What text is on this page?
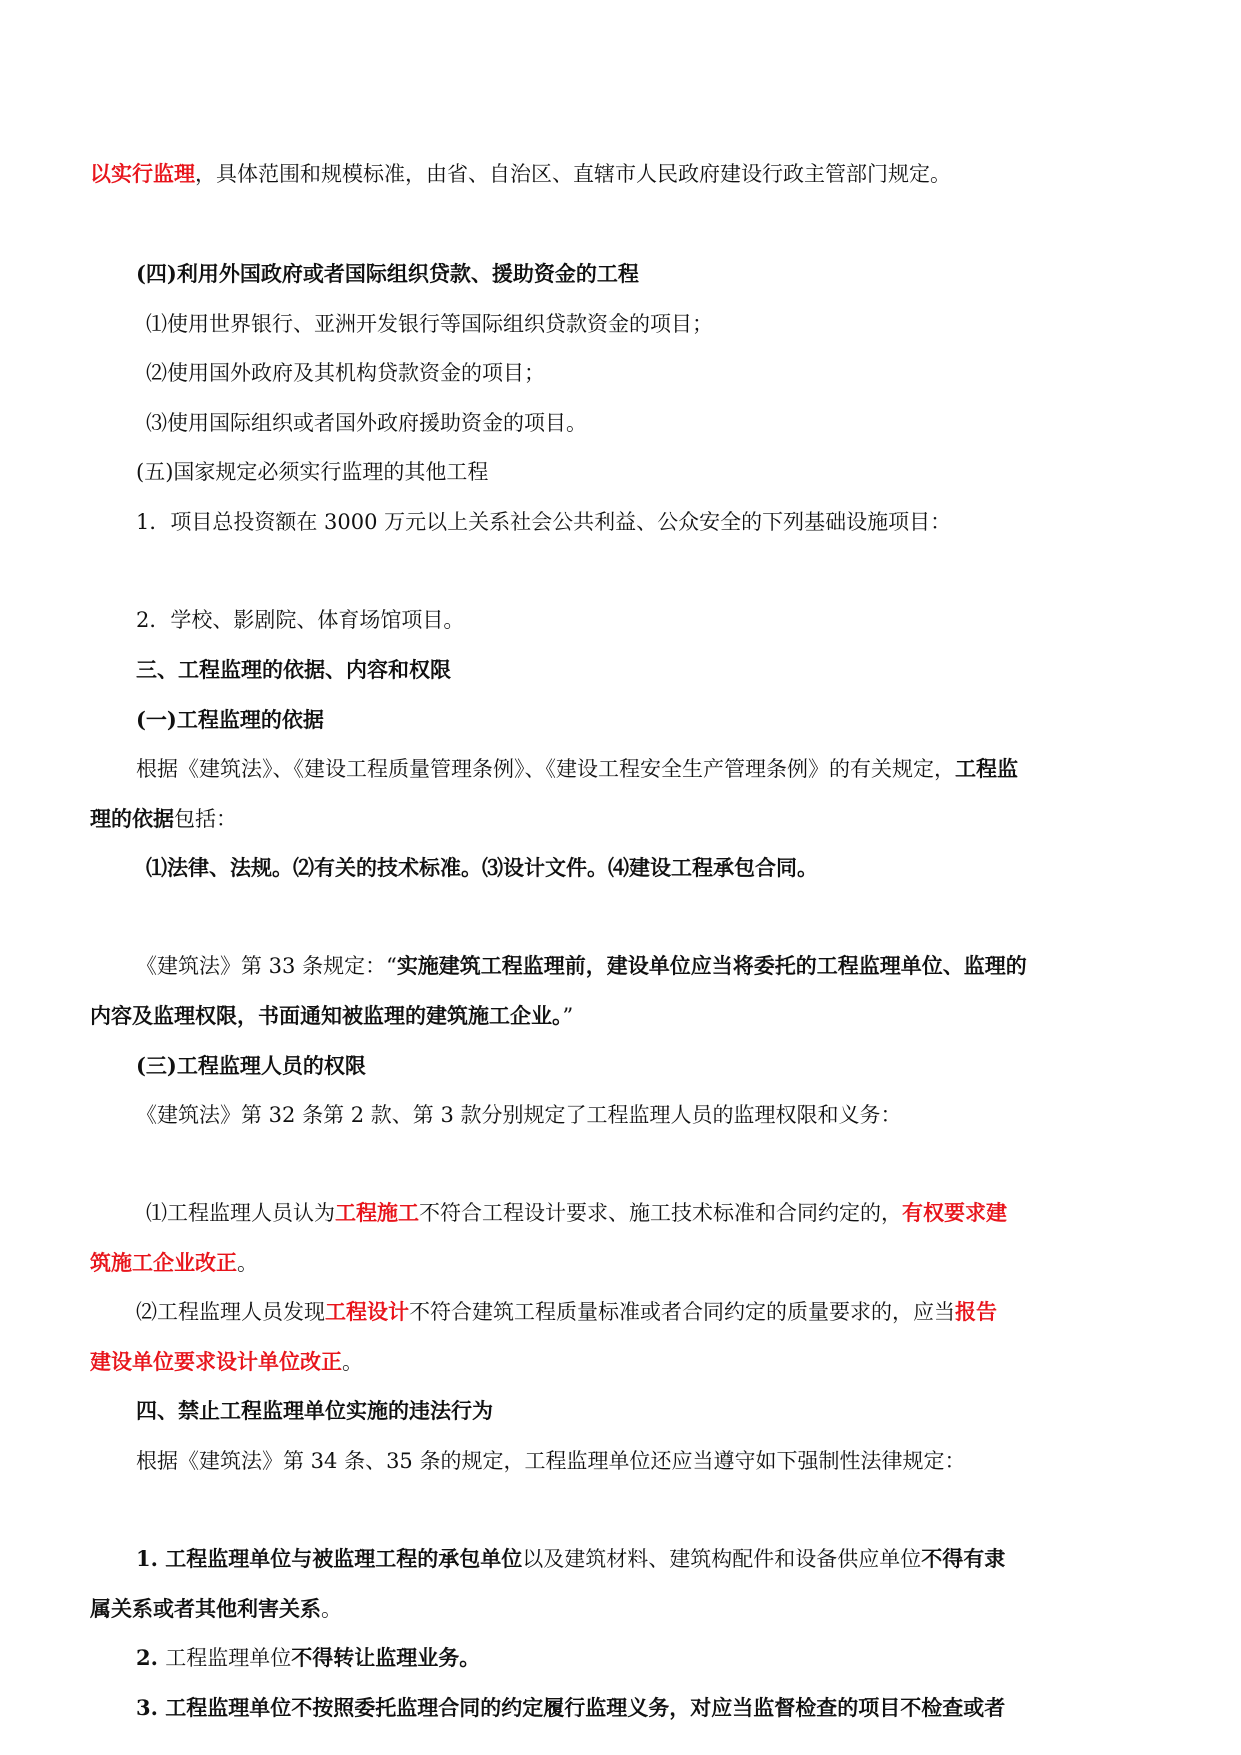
以实行监理，具体范围和规模标准，由省、自治区、直辖市人民政府建设行政主管部门规定。
(四)利用外国政府或者国际组织贷款、援助资金的工程
⑴使用世界银行、亚洲开发银行等国际组织贷款资金的项目；
⑵使用国外政府及其机构贷款资金的项目；
⑶使用国际组织或者国外政府援助资金的项目。
(五)国家规定必须实行监理的其他工程
1．项目总投资额在 3000 万元以上关系社会公共利益、公众安全的下列基础设施项目：
2．学校、影剧院、体育场馆项目。
三、工程监理的依据、内容和权限
(一)工程监理的依据
根据《建筑法》、《建设工程质量管理条例》、《建设工程安全生产管理条例》的有关规定，工程监
理的依据包括：
⑴法律、法规。⑵有关的技术标准。⑶设计文件。⑷建设工程承包合同。
《建筑法》第 33 条规定：“实施建筑工程监理前，建设单位应当将委托的工程监理单位、监理的
内容及监理权限，书面通知被监理的建筑施工企业。”
(三)工程监理人员的权限
《建筑法》第 32 条第 2 款、第 3 款分别规定了工程监理人员的监理权限和义务：
⑴工程监理人员认为工程施工不符合工程设计要求、施工技术标准和合同约定的，有权要求建
筑施工企业改正。
⑵工程监理人员发现工程设计不符合建筑工程质量标准或者合同约定的质量要求的，应当报告
建设单位要求设计单位改正。
四、禁止工程监理单位实施的违法行为
根据《建筑法》第 34 条、35 条的规定，工程监理单位还应当遵守如下强制性法律规定：
1. 工程监理单位与被监理工程的承包单位以及建筑材料、建筑构配件和设备供应单位不得有隶
属关系或者其他利害关系。
2. 工程监理单位不得转让监理业务。
3. 工程监理单位不按照委托监理合同的约定履行监理义务，对应当监督检查的项目不检查或者
